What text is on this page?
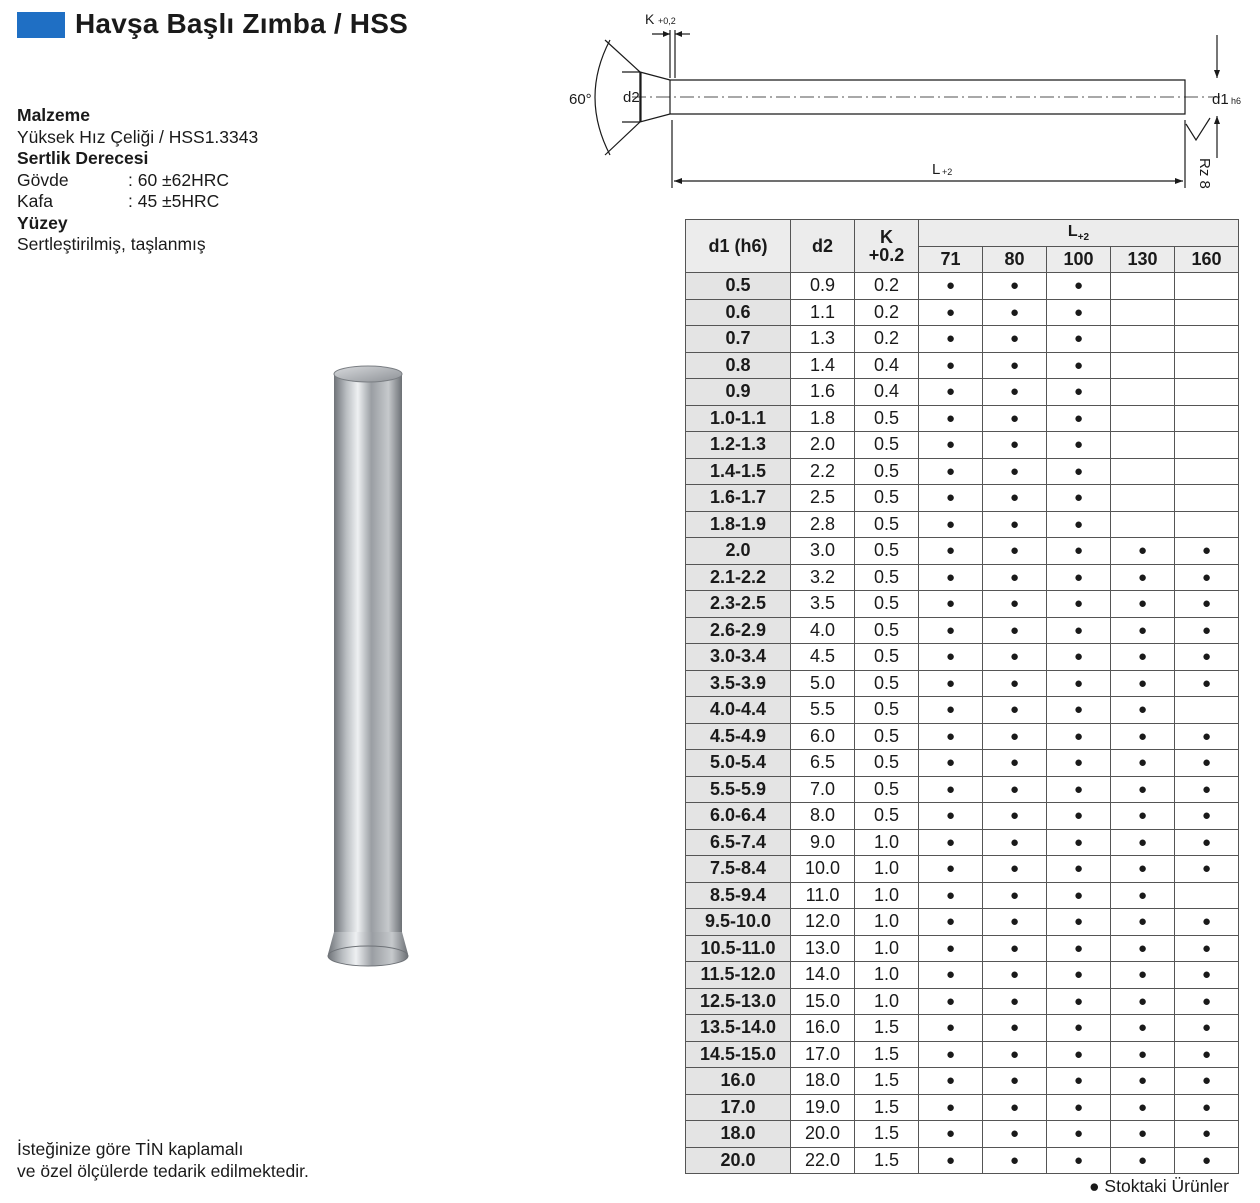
Havşa Başlı Zımba / HSS
Malzeme
Yüksek Hız Çeliği / HSS1.3343
Sertlik Derecesi
Gövde	: 60 ±62HRC
Kafa	: 45 ±5HRC
Yüzey
Sertleştirilmiş, taşlanmış
K +0,2
60° d2	d1 h6
L +2	Rz 8
d1 (h6)	d2	K
+0.2	$L_{+2}$
			71	80	100	130	160
0.5	0.9	0.2	●	●	●		
0.6	1.1	0.2	●	●	●		
0.7	1.3	0.2	●	●	●		
0.8	1.4	0.4	●	●	●		
0.9	1.6	0.4	●	●	●		
1.0-1.1	1.8	0.5	●	●	●		
1.2-1.3	2.0	0.5	●	●	●		
1.4-1.5	2.2	0.5	●	●	●		
1.6-1.7	2.5	0.5	●	●	●		
1.8-1.9	2.8	0.5	●	●	●		
2.0	3.0	0.5	●	●	●	●	●
2.1-2.2	3.2	0.5	●	●	●	●	●
2.3-2.5	3.5	0.5	●	●	●	●	●
2.6-2.9	4.0	0.5	●	●	●	●	●
3.0-3.4	4.5	0.5	●	●	●	●	●
3.5-3.9	5.0	0.5	●	●	●	●	●
4.0-4.4	5.5	0.5	●	●	●	●	
4.5-4.9	6.0	0.5	●	●	●	●	●
5.0-5.4	6.5	0.5	●	●	●	●	●
5.5-5.9	7.0	0.5	●	●	●	●	●
6.0-6.4	8.0	0.5	●	●	●	●	●
6.5-7.4	9.0	1.0	●	●	●	●	●
7.5-8.4	10.0	1.0	●	●	●	●	●
8.5-9.4	11.0	1.0	●	●	●	●	
9.5-10.0	12.0	1.0	●	●	●	●	●
10.5-11.0	13.0	1.0	●	●	●	●	●
11.5-12.0	14.0	1.0	●	●	●	●	●
12.5-13.0	15.0	1.0	●	●	●	●	●
13.5-14.0	16.0	1.5	●	●	●	●	●
14.5-15.0	17.0	1.5	●	●	●	●	●
16.0	18.0	1.5	●	●	●	●	●
17.0	19.0	1.5	●	●	●	●	●
18.0	20.0	1.5	●	●	●	●	●
20.0	22.0	1.5	●	●	●	●	●
● Stoktaki Ürünler
İsteğinize göre TİN kaplamalı
ve özel ölçülerde tedarik edilmektedir.
